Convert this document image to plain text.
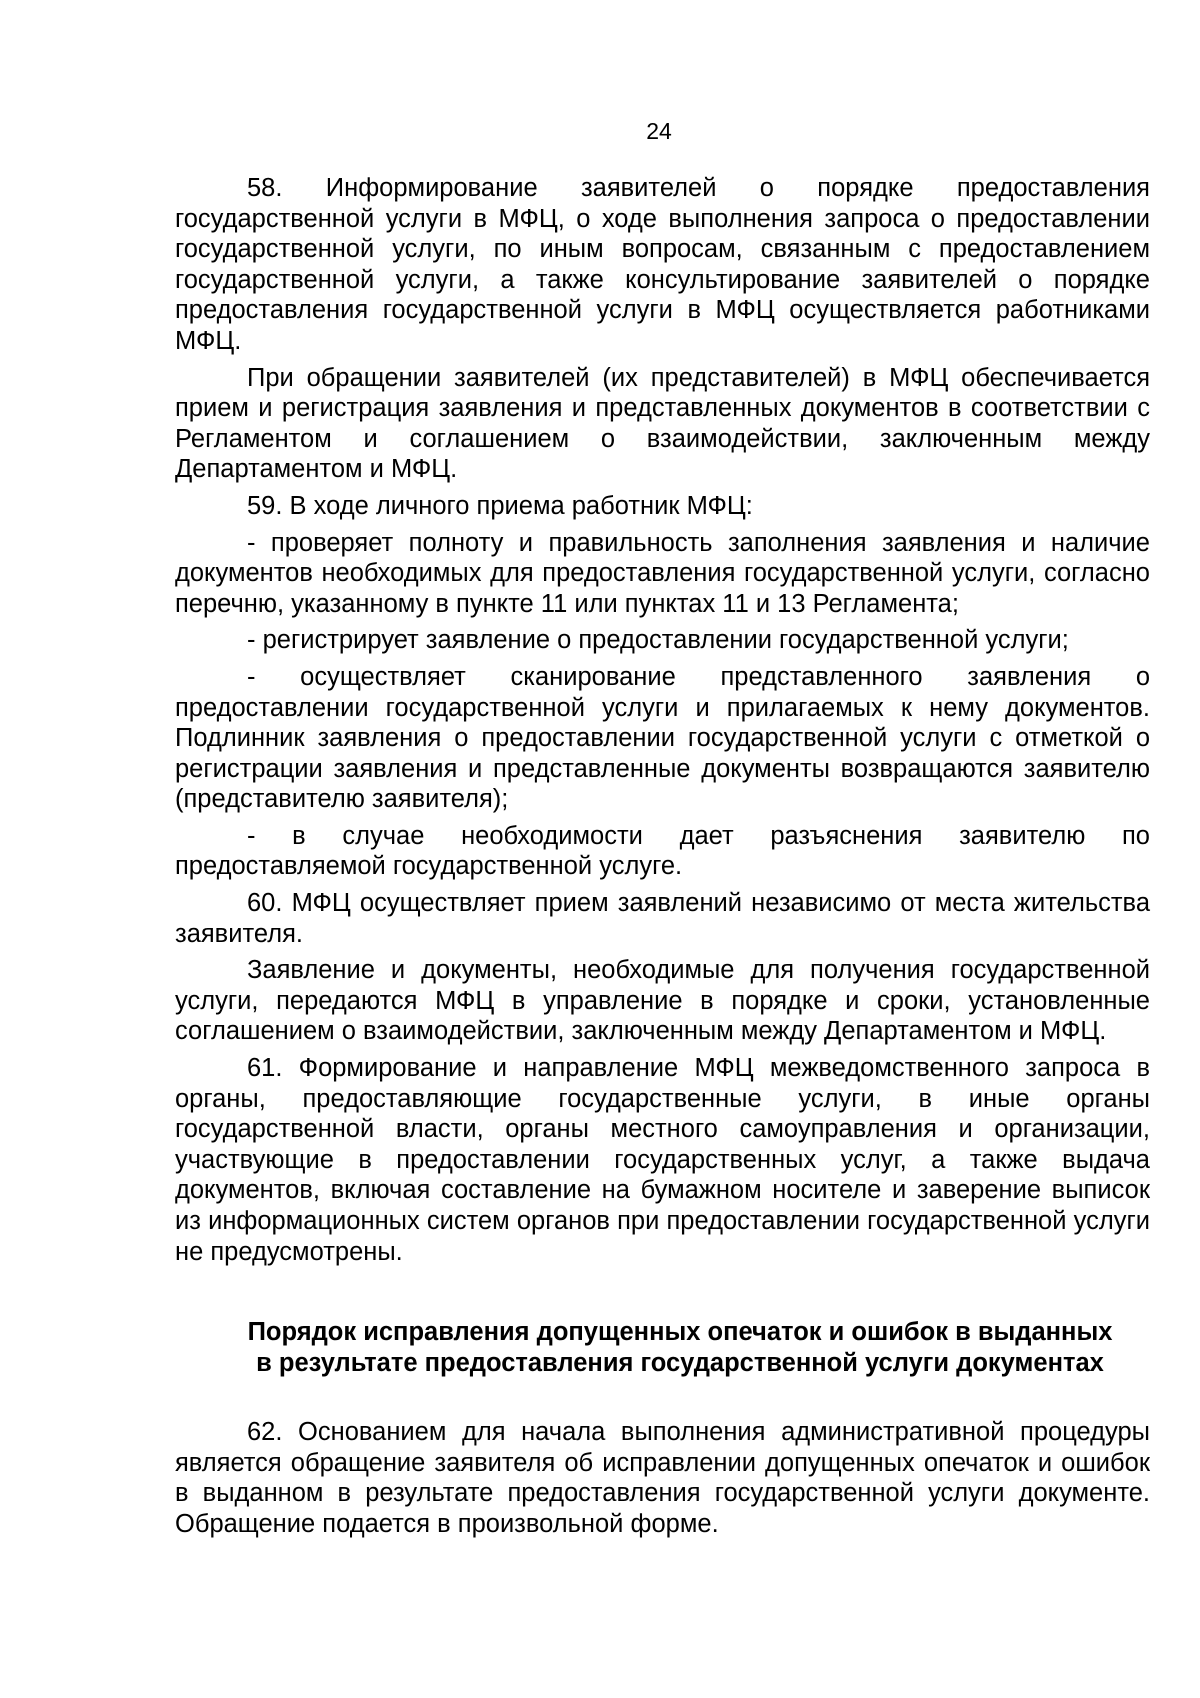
24

58. Информирование заявителей о порядке предоставления государственной услуги в МФЦ, о ходе выполнения запроса о предоставлении государственной услуги, по иным вопросам, связанным с предоставлением государственной услуги, а также консультирование заявителей о порядке предоставления государственной услуги в МФЦ осуществляется работниками МФЦ.

При обращении заявителей (их представителей) в МФЦ обеспечивается прием и регистрация заявления и представленных документов в соответствии с Регламентом и соглашением о взаимодействии, заключенным между Департаментом и МФЦ.

59. В ходе личного приема работник МФЦ:

- проверяет полноту и правильность заполнения заявления и наличие документов необходимых для предоставления государственной услуги, согласно перечню, указанному в пункте 11 или пунктах 11 и 13 Регламента;

- регистрирует заявление о предоставлении государственной услуги;

- осуществляет сканирование представленного заявления о предоставлении государственной услуги и прилагаемых к нему документов. Подлинник заявления о предоставлении государственной услуги с отметкой о регистрации заявления и представленные документы возвращаются заявителю (представителю заявителя);

- в случае необходимости дает разъяснения заявителю по предоставляемой государственной услуге.

60. МФЦ осуществляет прием заявлений независимо от места жительства заявителя.

Заявление и документы, необходимые для получения государственной услуги, передаются МФЦ в управление в порядке и сроки, установленные соглашением о взаимодействии, заключенным между Департаментом и МФЦ.

61. Формирование и направление МФЦ межведомственного запроса в органы, предоставляющие государственные услуги, в иные органы государственной власти, органы местного самоуправления и организации, участвующие в предоставлении государственных услуг, а также выдача документов, включая составление на бумажном носителе и заверение выписок из информационных систем органов при предоставлении государственной услуги не предусмотрены.

Порядок исправления допущенных опечаток и ошибок в выданных
в результате предоставления государственной услуги документах

62. Основанием для начала выполнения административной процедуры является обращение заявителя об исправлении допущенных опечаток и ошибок в выданном в результате предоставления государственной услуги документе. Обращение подается в произвольной форме.
